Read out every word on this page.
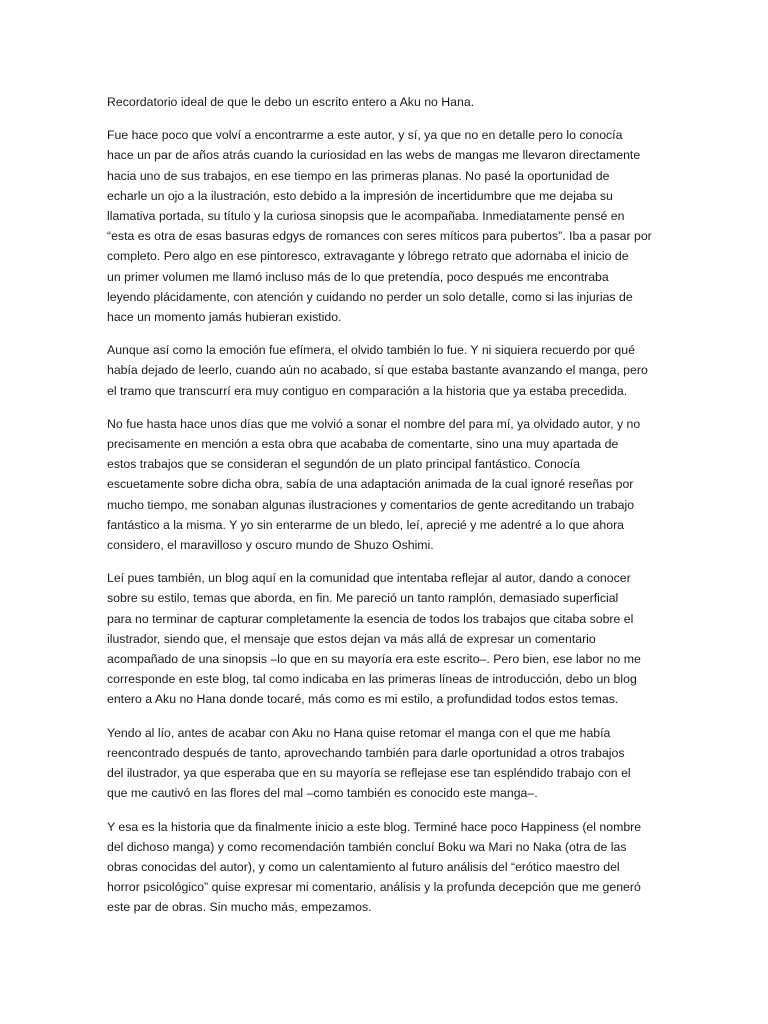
Recordatorio ideal de que le debo un escrito entero a Aku no Hana.

Fue hace poco que volví a encontrarme a este autor, y sí, ya que no en detalle pero lo conocía
hace un par de años atrás cuando la curiosidad en las webs de mangas me llevaron directamente
hacia uno de sus trabajos, en ese tiempo en las primeras planas. No pasé la oportunidad de
echarle un ojo a la ilustración, esto debido a la impresión de incertidumbre que me dejaba su
llamativa portada, su título y la curiosa sinopsis que le acompañaba. Inmediatamente pensé en
“esta es otra de esas basuras edgys de romances con seres míticos para pubertos”. Iba a pasar por
completo. Pero algo en ese pintoresco, extravagante y lóbrego retrato que adornaba el inicio de
un primer volumen me llamó incluso más de lo que pretendía, poco después me encontraba
leyendo plácidamente, con atención y cuidando no perder un solo detalle, como si las injurias de
hace un momento jamás hubieran existido.

Aunque así como la emoción fue efímera, el olvido también lo fue. Y ni siquiera recuerdo por qué
había dejado de leerlo, cuando aún no acabado, sí que estaba bastante avanzando el manga, pero
el tramo que transcurrí era muy contiguo en comparación a la historia que ya estaba precedida.

No fue hasta hace unos días que me volvió a sonar el nombre del para mí, ya olvidado autor, y no
precisamente en mención a esta obra que acababa de comentarte, sino una muy apartada de
estos trabajos que se consideran el segundón de un plato principal fantástico. Conocía
escuetamente sobre dicha obra, sabía de una adaptación animada de la cual ignoré reseñas por
mucho tiempo, me sonaban algunas ilustraciones y comentarios de gente acreditando un trabajo
fantástico a la misma. Y yo sin enterarme de un bledo, leí, aprecié y me adentré a lo que ahora
considero, el maravilloso y oscuro mundo de Shuzo Oshimi.

Leí pues también, un blog aquí en la comunidad que intentaba reflejar al autor, dando a conocer
sobre su estilo, temas que aborda, en fin. Me pareció un tanto ramplón, demasiado superficial
para no terminar de capturar completamente la esencia de todos los trabajos que citaba sobre el
ilustrador, siendo que, el mensaje que estos dejan va más allá de expresar un comentario
acompañado de una sinopsis –lo que en su mayoría era este escrito–. Pero bien, ese labor no me
corresponde en este blog, tal como indicaba en las primeras líneas de introducción, debo un blog
entero a Aku no Hana donde tocaré, más como es mi estilo, a profundidad todos estos temas.

Yendo al lío, antes de acabar con Aku no Hana quise retomar el manga con el que me había
reencontrado después de tanto, aprovechando también para darle oportunidad a otros trabajos
del ilustrador, ya que esperaba que en su mayoría se reflejase ese tan espléndido trabajo con el
que me cautivó en las flores del mal –como también es conocido este manga–.

Y esa es la historia que da finalmente inicio a este blog. Terminé hace poco Happiness (el nombre
del dichoso manga) y como recomendación también concluí Boku wa Mari no Naka (otra de las
obras conocidas del autor), y como un calentamiento al futuro análisis del “erótico maestro del
horror psicológico” quise expresar mi comentario, análisis y la profunda decepción que me generó
este par de obras. Sin mucho más, empezamos.
